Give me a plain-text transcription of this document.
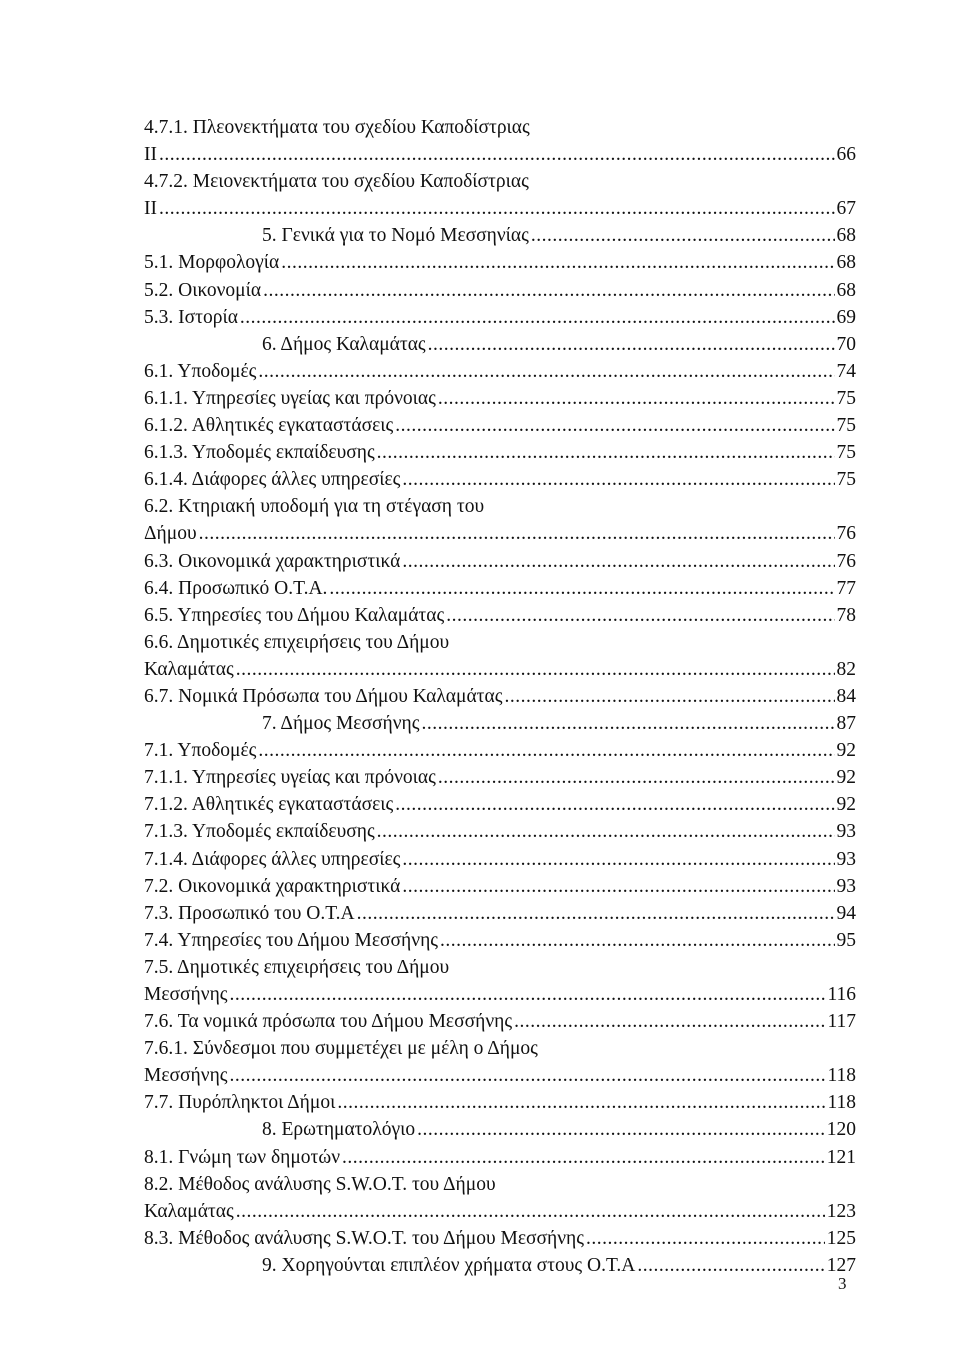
4.7.1. Πλεονεκτήματα του σχεδίου Καποδίστριας
ΙΙ .....	66
4.7.2. Μειονεκτήματα του σχεδίου Καποδίστριας
ΙΙ .....	67
5. Γενικά για το Νομό Μεσσηνίας .....	68
5.1. Μορφολογία .....	68
5.2. Οικονομία .....	68
5.3. Ιστορία .....	69
6. Δήμος Καλαμάτας .....	70
6.1. Υποδομές .....	74
6.1.1. Υπηρεσίες υγείας και πρόνοιας .....	75
6.1.2. Αθλητικές εγκαταστάσεις .....	75
6.1.3. Υποδομές εκπαίδευσης .....	75
6.1.4. Διάφορες άλλες υπηρεσίες .....	75
6.2. Κτηριακή υποδομή για τη στέγαση του
Δήμου .....	76
6.3. Οικονομικά χαρακτηριστικά .....	76
6.4. Προσωπικό Ο.Τ.Α. .....	77
6.5. Υπηρεσίες του Δήμου Καλαμάτας .....	78
6.6. Δημοτικές επιχειρήσεις του Δήμου
Καλαμάτας .....	82
6.7. Νομικά Πρόσωπα του Δήμου Καλαμάτας .....	84
7. Δήμος Μεσσήνης .....	87
7.1. Υποδομές .....	92
7.1.1. Υπηρεσίες υγείας και πρόνοιας .....	92
7.1.2. Αθλητικές εγκαταστάσεις .....	92
7.1.3. Υποδομές εκπαίδευσης .....	93
7.1.4. Διάφορες άλλες υπηρεσίες .....	93
7.2. Οικονομικά χαρακτηριστικά .....	93
7.3. Προσωπικό του Ο.Τ.Α .....	94
7.4. Υπηρεσίες του Δήμου Μεσσήνης .....	95
7.5. Δημοτικές επιχειρήσεις του Δήμου
Μεσσήνης .....	116
7.6. Τα νομικά πρόσωπα του Δήμου Μεσσήνης .....	117
7.6.1. Σύνδεσμοι που συμμετέχει με μέλη ο Δήμος
Μεσσήνης .....	118
7.7. Πυρόπληκτοι Δήμοι .....	118
8. Ερωτηματολόγιο .....	120
8.1. Γνώμη των δημοτών .....	121
8.2. Μέθοδος ανάλυσης S.W.O.T. του Δήμου
Καλαμάτας .....	123
8.3. Μέθοδος ανάλυσης S.W.O.T. του Δήμου Μεσσήνης .....	125
9. Χορηγούνται επιπλέον χρήματα στους Ο.Τ.Α .....	127
3
